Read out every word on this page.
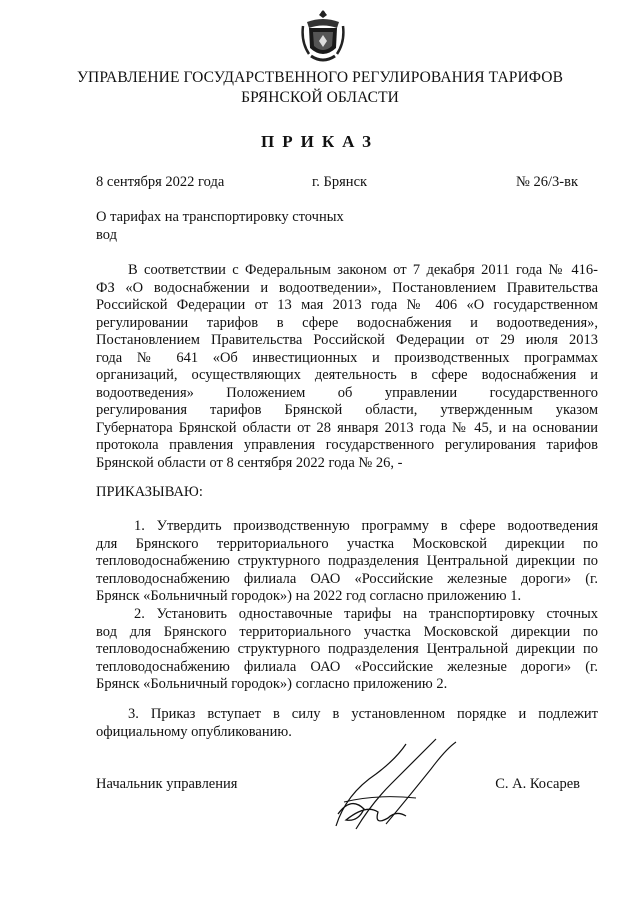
УПРАВЛЕНИЕ ГОСУДАРСТВЕННОГО РЕГУЛИРОВАНИЯ ТАРИФОВ
БРЯНСКОЙ ОБЛАСТИ
ПРИКАЗ
8 сентября 2022 года	г. Брянск	№ 26/3-вк
О тарифах на транспортировку сточных
вод
В соответствии с Федеральным законом от 7 декабря 2011 года № 416-
ФЗ «О водоснабжении и водоотведении», Постановлением Правительства
Российской Федерации от 13 мая 2013 года № 406 «О государственном
регулировании тарифов в сфере водоснабжения и водоотведения»,
Постановлением Правительства Российской Федерации от 29 июля 2013
года № 641 «Об инвестиционных и производственных программах
организаций, осуществляющих деятельность в сфере водоснабжения и
водоотведения» Положением об управлении государственного
регулирования тарифов Брянской области, утвержденным указом
Губернатора Брянской области от 28 января 2013 года № 45, и на основании
протокола правления управления государственного регулирования тарифов
Брянской области от 8 сентября 2022 года № 26, -
ПРИКАЗЫВАЮ:
1. Утвердить производственную программу в сфере водоотведения
для Брянского территориального участка Московской дирекции по
тепловодоснабжению структурного подразделения Центральной дирекции по
тепловодоснабжению филиала ОАО «Российские железные дороги» (г.
Брянск «Больничный городок») на 2022 год согласно приложению 1.
2. Установить одноставочные тарифы на транспортировку сточных
вод для Брянского территориального участка Московской дирекции по
тепловодоснабжению структурного подразделения Центральной дирекции по
тепловодоснабжению филиала ОАО «Российские железные дороги» (г.
Брянск «Больничный городок») согласно приложению 2.
3. Приказ вступает в силу в установленном порядке и подлежит
официальному опубликованию.
Начальник управления	С. А. Косарев
